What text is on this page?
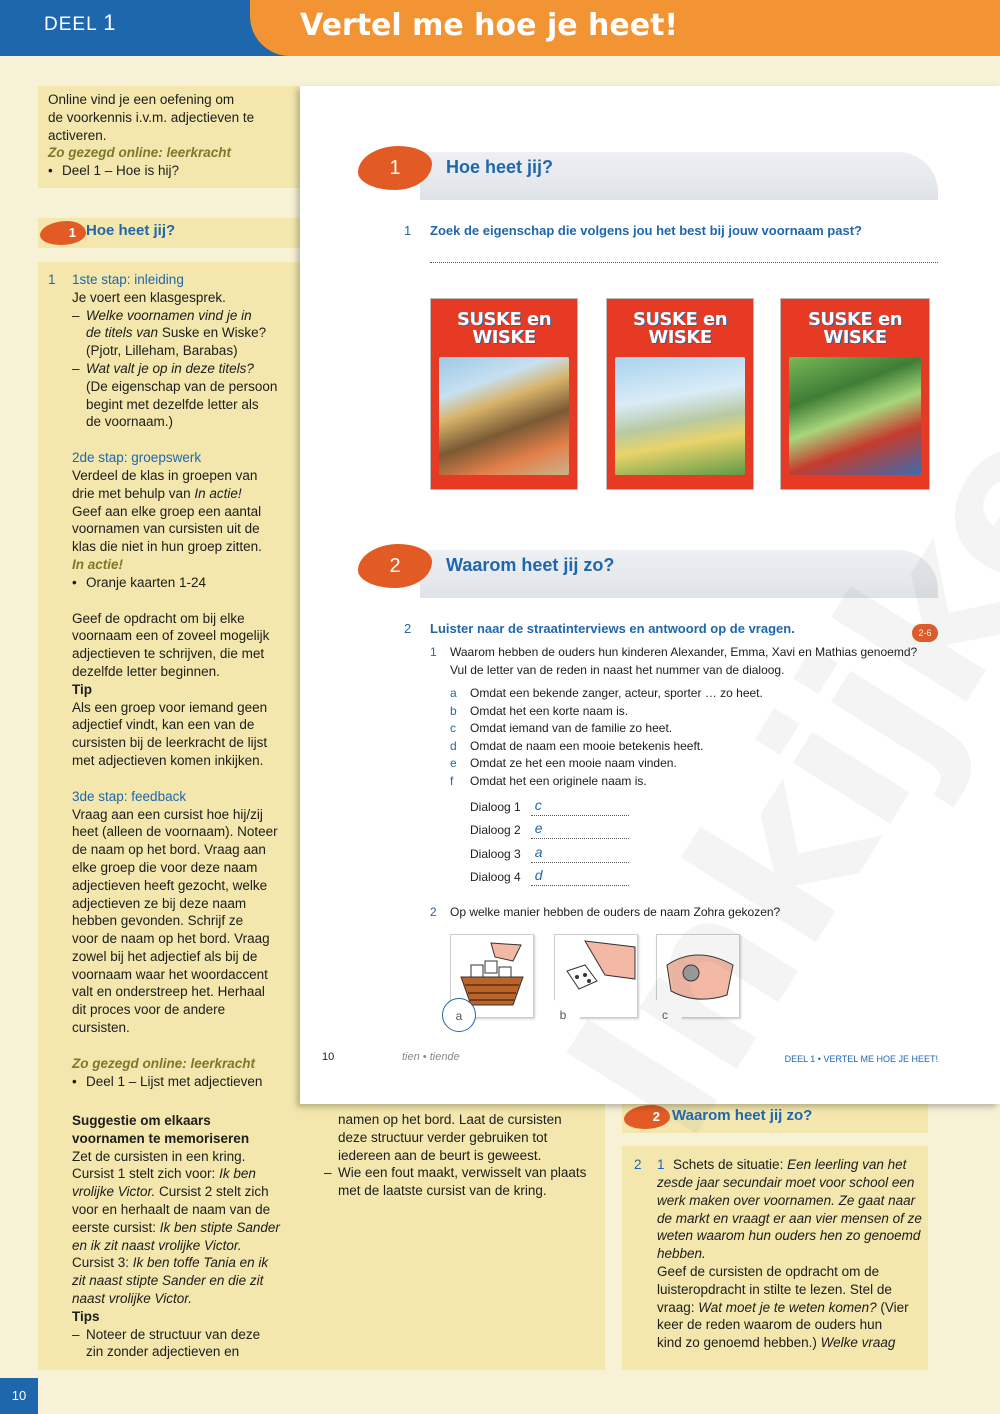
DEEL 1	Vertel me hoe je heet!
Online vind je een oefening om
de voorkennis i.v.m. adjectieven te
activeren.
Zo gezegd online: leerkracht
Deel 1 – Hoe is hij?
1 Hoe heet jij?
1 1ste stap: inleiding
Je voert een klasgesprek.
– Welke voornamen vind je in
de titels van Suske en Wiske?
(Pjotr, Lilleham, Barabas)
– Wat valt je op in deze titels?
(De eigenschap van de persoon
begint met dezelfde letter als
de voornaam.)
2de stap: groepswerk
Verdeel de klas in groepen van
drie met behulp van In actie!
Geef aan elke groep een aantal
voornamen van cursisten uit de
klas die niet in hun groep zitten.
In actie!
• Oranje kaarten 1-24
Geef de opdracht om bij elke
voornaam een of zoveel mogelijk
adjectieven te schrijven, die met
dezelfde letter beginnen.
Tip
Als een groep voor iemand geen
adjectief vindt, kan een van de
cursisten bij de leerkracht de lijst
met adjectieven komen inkijken.
3de stap: feedback
Vraag aan een cursist hoe hij/zij
heet (alleen de voornaam). Noteer
de naam op het bord. Vraag aan
elke groep die voor deze naam
adjectieven heeft gezocht, welke
adjectieven ze bij deze naam
hebben gevonden. Schrijf ze
voor de naam op het bord. Vraag
zowel bij het adjectief als bij de
voornaam waar het woordaccent
valt en onderstreep het. Herhaal
dit proces voor de andere
cursisten.
Zo gezegd online: leerkracht
• Deel 1 – Lijst met adjectieven
Suggestie om elkaars
voornamen te memoriseren
Zet de cursisten in een kring.
Cursist 1 stelt zich voor: Ik ben
vrolijke Victor. Cursist 2 stelt zich
voor en herhaalt de naam van de
eerste cursist: Ik ben stipte Sander
en ik zit naast vrolijke Victor.
Cursist 3: Ik ben toffe Tania en ik
zit naast stipte Sander en die zit
naast vrolijke Victor.
Tips
– Noteer de structuur van deze
zin zonder adjectieven en
namen op het bord. Laat de cursisten
deze structuur verder gebruiken tot
iedereen aan de beurt is geweest.
– Wie een fout maakt, verwisselt van plaats
met de laatste cursist van de kring.
2 Waarom heet jij zo?
2 1 Schets de situatie: Een leerling van het
zesde jaar secundair moet voor school een
werk maken over voornamen. Ze gaat naar
de markt en vraagt er aan vier mensen of ze
weten waarom hun ouders hen zo genoemd
hebben.
Geef de cursisten de opdracht om de
luisteropdracht in stilte te lezen. Stel de
vraag: Wat moet je te weten komen? (Vier
keer de reden waarom de ouders hun
kind zo genoemd hebben.) Welke vraag
1	Hoe heet jij?
1 Zoek de eigenschap die volgens jou het best bij jouw voornaam past?
SUSKE en WISKE
SUSKE en WISKE
SUSKE en WISKE
2	Waarom heet jij zo?
2 Luister naar de straatinterviews en antwoord op de vragen.	2-6
1 Waarom hebben de ouders hun kinderen Alexander, Emma, Xavi en Mathias genoemd?
Vul de letter van de reden in naast het nummer van de dialoog.
a Omdat een bekende zanger, acteur, sporter … zo heet.
b Omdat het een korte naam is.
c Omdat iemand van de familie zo heet.
d Omdat de naam een mooie betekenis heeft.
e Omdat ze het een mooie naam vinden.
f Omdat het een originele naam is.
Dialoog 1 c
Dialoog 2 e
Dialoog 3 a
Dialoog 4 d
2 Op welke manier hebben de ouders de naam Zohra gekozen?
a	b	c
10	tien • tiende	DEEL 1 • VERTEL ME HOE JE HEET!
10
